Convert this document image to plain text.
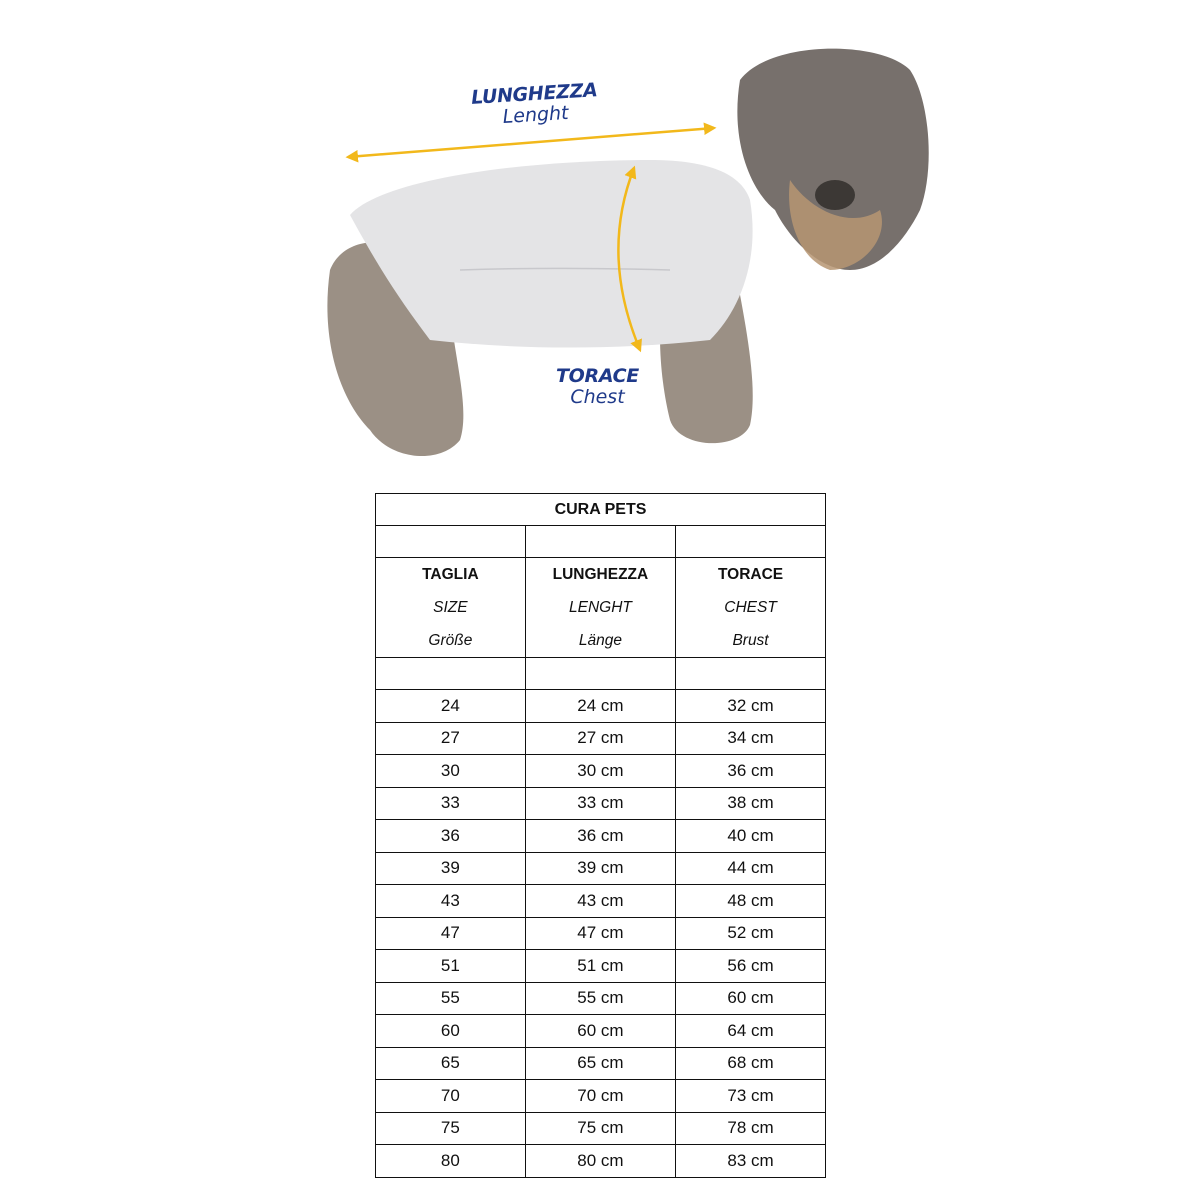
LUNGHEZZA
Lenght
TORACE
Chest
CURA PETS		

TAGLIA
SIZE
Größe

LUNGHEZZA
LENGHT
Länge

TORACE
CHEST
Brust

24	24 cm	32 cm
27	27 cm	34 cm
30	30 cm	36 cm
33	33 cm	38 cm
36	36 cm	40 cm
39	39 cm	44 cm
43	43 cm	48 cm
47	47 cm	52 cm
51	51 cm	56 cm
55	55 cm	60 cm
60	60 cm	64 cm
65	65 cm	68 cm
70	70 cm	73 cm
75	75 cm	78 cm
80	80 cm	83 cm
